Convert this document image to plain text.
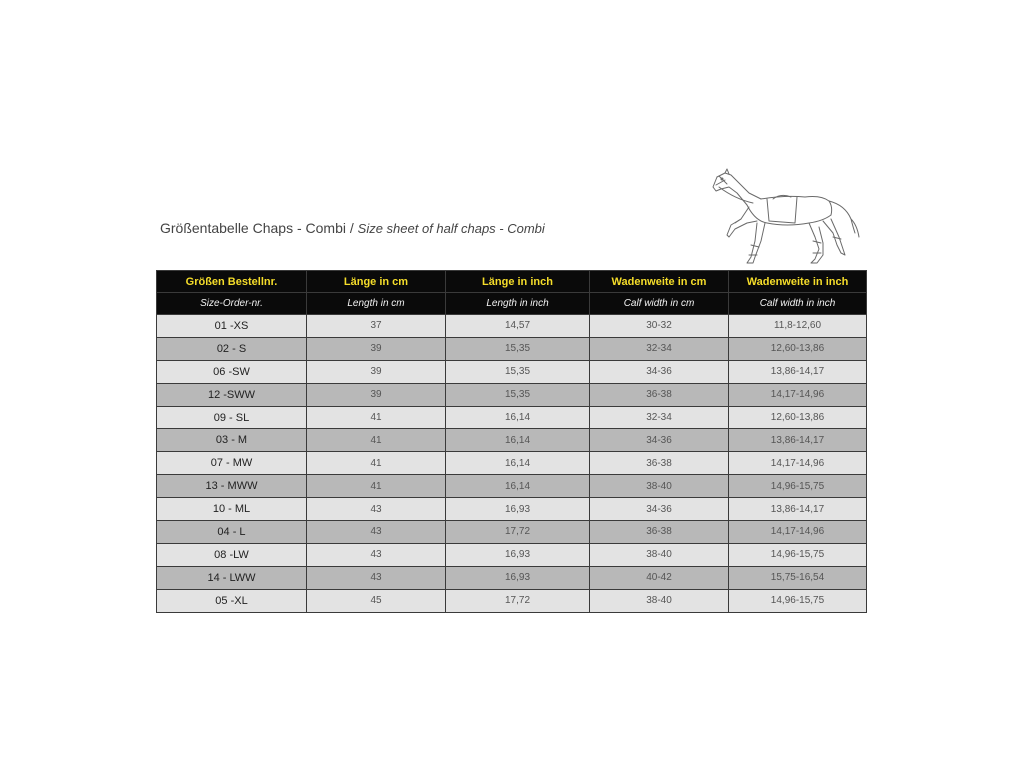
Größentabelle Chaps - Combi / Size sheet of half chaps - Combi
Größen Bestellnr.	Länge in cm	Länge in inch	Wadenweite in cm	Wadenweite in inch
Size-Order-nr.	Length in cm	Length in inch	Calf width in cm	Calf width in inch
01 -XS	37	14,57	30-32	11,8-12,60
02 - S	39	15,35	32-34	12,60-13,86
06 -SW	39	15,35	34-36	13,86-14,17
12 -SWW	39	15,35	36-38	14,17-14,96
09 - SL	41	16,14	32-34	12,60-13,86
03 - M	41	16,14	34-36	13,86-14,17
07 - MW	41	16,14	36-38	14,17-14,96
13 - MWW	41	16,14	38-40	14,96-15,75
10 - ML	43	16,93	34-36	13,86-14,17
04 - L	43	17,72	36-38	14,17-14,96
08 -LW	43	16,93	38-40	14,96-15,75
14 - LWW	43	16,93	40-42	15,75-16,54
05 -XL	45	17,72	38-40	14,96-15,75
